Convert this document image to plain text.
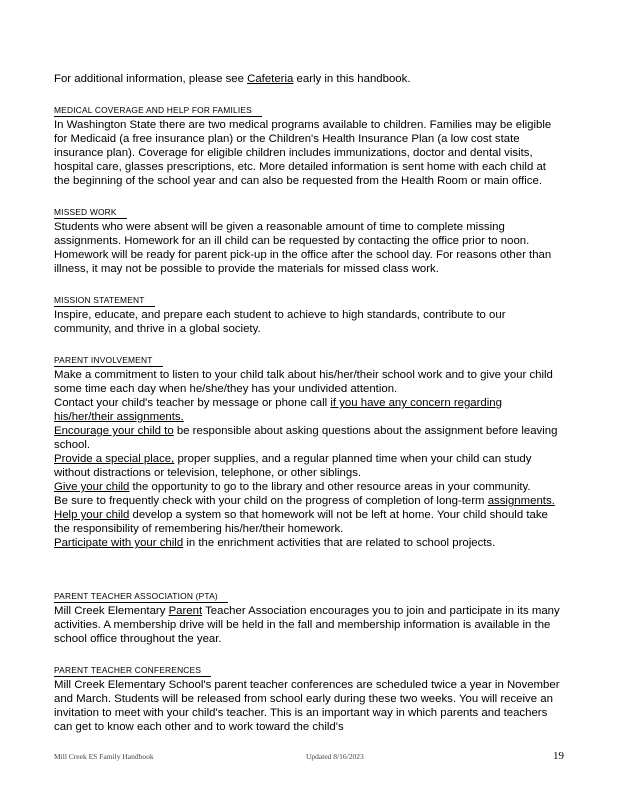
For additional information, please see Cafeteria early in this handbook.

MEDICAL COVERAGE AND HELP FOR FAMILIES

In Washington State there are two medical programs available to children. Families may be eligible for Medicaid (a free insurance plan) or the Children's Health Insurance Plan (a low cost state insurance plan). Coverage for eligible children includes immunizations, doctor and dental visits, hospital care, glasses prescriptions, etc. More detailed information is sent home with each child at the beginning of the school year and can also be requested from the Health Room or main office.

MISSED WORK

Students who were absent will be given a reasonable amount of time to complete missing assignments. Homework for an ill child can be requested by contacting the office prior to noon. Homework will be ready for parent pick-up in the office after the school day. For reasons other than illness, it may not be possible to provide the materials for missed class work.

MISSION STATEMENT

Inspire, educate, and prepare each student to achieve to high standards, contribute to our community, and thrive in a global society.

PARENT INVOLVEMENT

Make a commitment to listen to your child talk about his/her/their school work and to give your child some time each day when he/she/they has your undivided attention.

Contact your child's teacher by message or phone call if you have any concern regarding his/her/their assignments.

Encourage your child to be responsible about asking questions about the assignment before leaving school.

Provide a special place, proper supplies, and a regular planned time when your child can study without distractions or television, telephone, or other siblings.

Give your child the opportunity to go to the library and other resource areas in your community.

Be sure to frequently check with your child on the progress of completion of long-term assignments.

Help your child develop a system so that homework will not be left at home. Your child should take the responsibility of remembering his/her/their homework.

Participate with your child in the enrichment activities that are related to school projects.

PARENT TEACHER ASSOCIATION (PTA)

Mill Creek Elementary Parent Teacher Association encourages you to join and participate in its many activities. A membership drive will be held in the fall and membership information is available in the school office throughout the year.

PARENT TEACHER CONFERENCES

Mill Creek Elementary School's parent teacher conferences are scheduled twice a year in November and March. Students will be released from school early during these two weeks. You will receive an invitation to meet with your child's teacher. This is an important way in which parents and teachers can get to know each other and to work toward the child's

Mill Creek ES Family Handbook	Updated 8/16/2023	19
